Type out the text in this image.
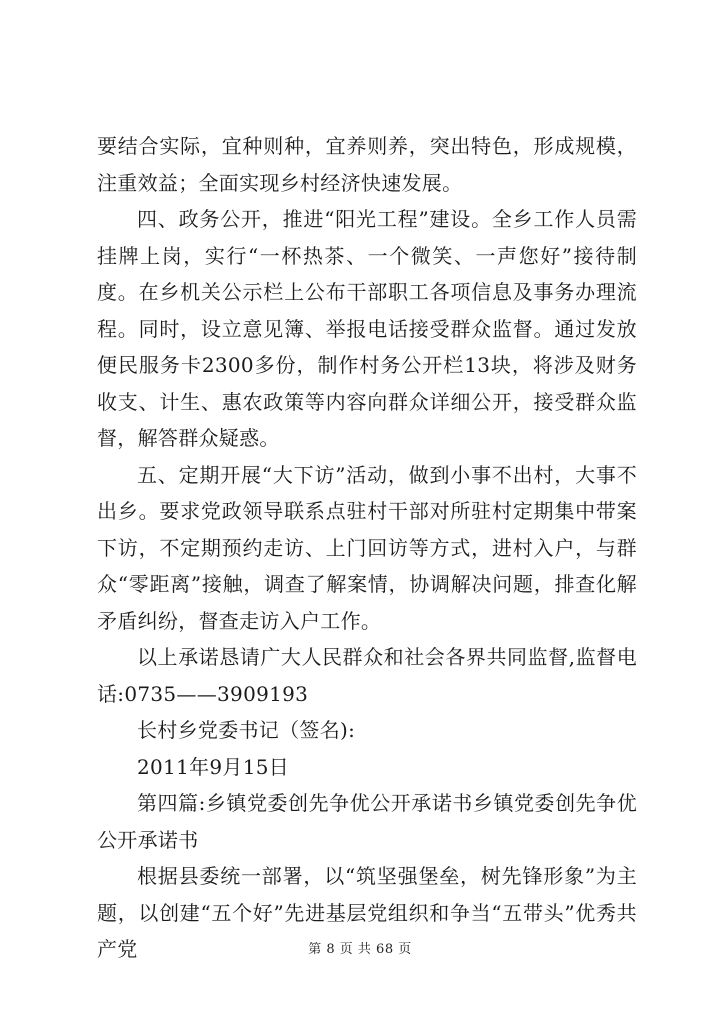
要结合实际，宜种则种，宜养则养，突出特色，形成规模，注重效益；全面实现乡村经济快速发展。

四、政务公开，推进“阳光工程”建设。全乡工作人员需挂牌上岗，实行“一杯热茶、一个微笑、一声您好”接待制度。在乡机关公示栏上公布干部职工各项信息及事务办理流程。同时，设立意见簿、举报电话接受群众监督。通过发放便民服务卡2300多份，制作村务公开栏13块，将涉及财务收支、计生、惠农政策等内容向群众详细公开，接受群众监督，解答群众疑惑。

五、定期开展“大下访”活动，做到小事不出村，大事不出乡。要求党政领导联系点驻村干部对所驻村定期集中带案下访，不定期预约走访、上门回访等方式，进村入户，与群众“零距离”接触，调查了解案情，协调解决问题，排查化解矛盾纠纷，督查走访入户工作。

以上承诺恳请广大人民群众和社会各界共同监督,监督电话:0735——3909193

长村乡党委书记（签名):

2011年9月15日

第四篇:乡镇党委创先争优公开承诺书乡镇党委创先争优公开承诺书

根据县委统一部署，以“筑坚强堡垒，树先锋形象”为主题，以创建“五个好”先进基层党组织和争当“五带头”优秀共产党	第 8 页 共 68 页
